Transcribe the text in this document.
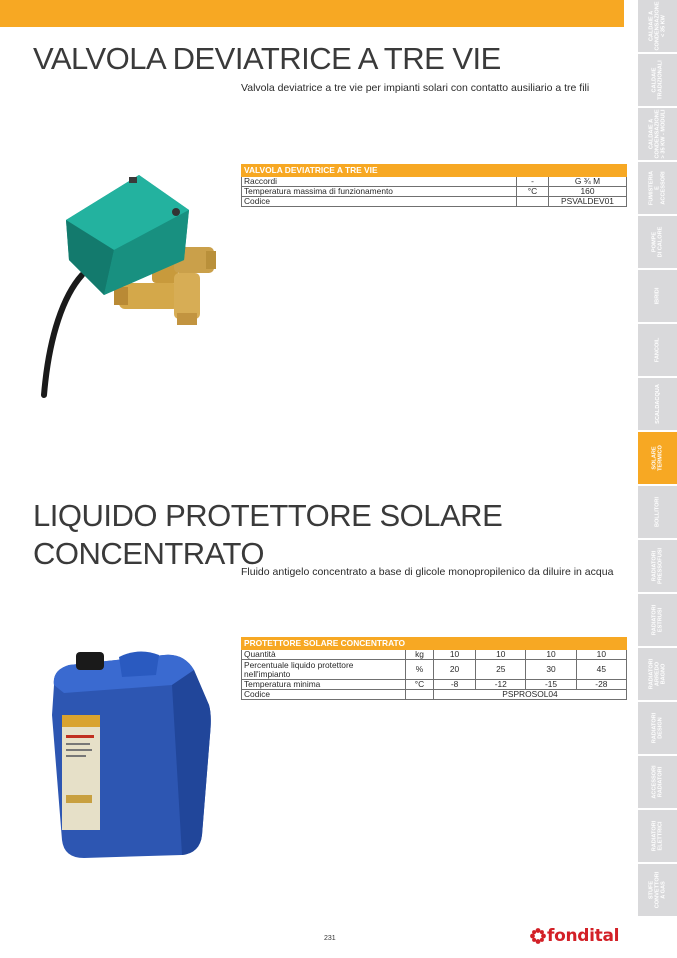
CALDAIE A
CONDENSAZIONE
< 35 KW
CALDAIE
TRADIZIONALI
CALDAIE A
CONDENSAZIONE
> 35 KW - MODULI
FUMISTERIA E
ACCESSORI
POMPE
DI CALORE
IBRIDI
FANCOIL
SCALDACQUA
SOLARE
TERMICO
BOLLITORI
RADIATORI
PRESSOFUSI
RADIATORI
ESTRUSI
RADIATORI
ARREDO BAGNO
RADIATORI
DESIGN
ACCESSORI
RADIATORI
RADIATORI
ELETTRICI
STUFE
CONVETTORI
A GAS
VALVOLA DEVIATRICE A TRE VIE
Valvola deviatrice a tre vie per impianti solari con contatto ausiliario a tre fili
VALVOLA DEVIATRICE A TRE VIE		
Raccordi	-	G ¾ M
Temperatura massima di funzionamento	°C	160
Codice		PSVALDEV01
LIQUIDO PROTETTORE SOLARE
CONCENTRATO
Fluido antigelo concentrato a base di glicole monopropilenico da diluire in acqua
PROTETTORE SOLARE CONCENTRATO					
Quantità	kg	10	10	10	10
Percentuale liquido protettore
nell'impianto	%	20	25	30	45
Temperatura minima	°C	-8	-12	-15	-28
Codice		PSPROSOL04			
231	fondital
